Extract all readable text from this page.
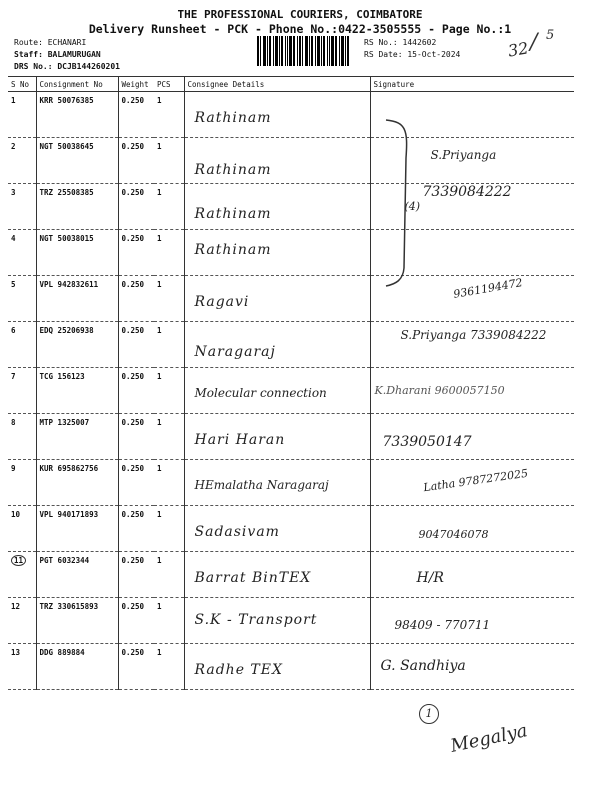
THE PROFESSIONAL COURIERS, COIMBATORE
Delivery Runsheet - PCK - Phone No.:0422-3505555 - Page No.:1
Route: ECHANARI
Staff: BALAMURUGAN
DRS No.: DCJB144260201
RS No.: 1442602
RS Date: 15-Oct-2024	32 / 5
S No	Consignment No	Weight	PCS	Consignee Details	Signature
1	KRR 50076385	0.250	1	Rathinam	

2	NGT 50038645	0.250	1	Rathinam	S.Priyanga

3	TRZ 25508385	0.250	1	Rathinam	7339084222

4	NGT 50038015	0.250	1	Rathinam	(4)

5	VPL 942832611	0.250	1	Ragavi	9361194472

6	EDQ 25206938	0.250	1	Naragaraj	S.Priyanga 7339084222

7	TCG 156123	0.250	1	Molecular connection	K.Dharani 9600057150

8	MTP 1325007	0.250	1	Hari Haran	7339050147

9	KUR 695862756	0.250	1	HEmalatha Naragaraj	Latha 9787272025

10	VPL 940171893	0.250	1	Sadasivam	9047046078

11	PGT 6032344	0.250	1	Barrat BinTEX	H/R

12	TRZ 330615893	0.250	1	S.K - Transport	98409 - 770711

13	DDG 889884	0.250	1	Radhe TEX	G. Sandhiya
1
Megalya
